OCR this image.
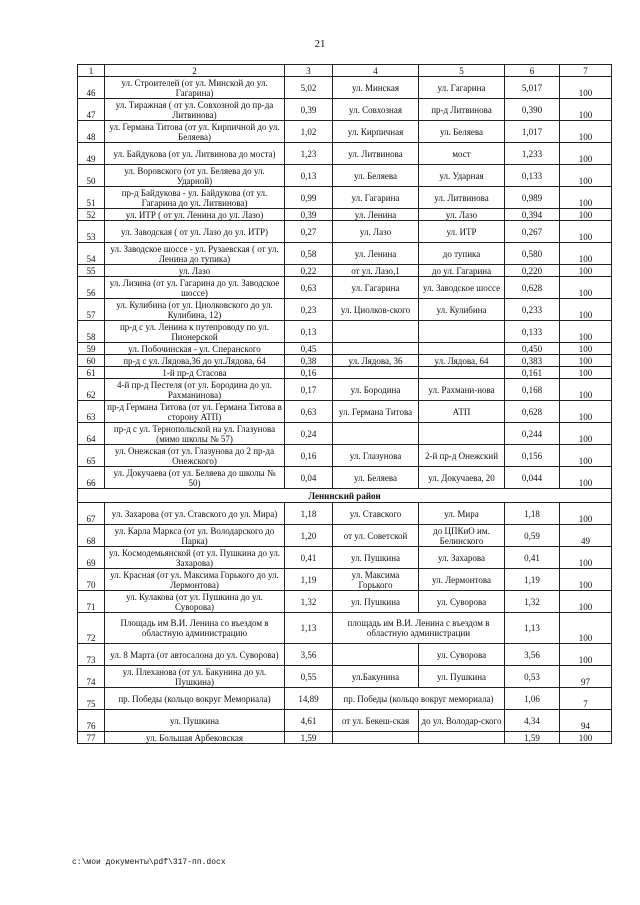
21
1	2	3	4	5	6	7
46	ул. Строителей (от ул. Минской до ул. Гагарина)	5,02	ул. Минская	ул. Гагарина	5,017	100
47	ул. Тиражная ( от ул. Совхозной до пр-да Литвинова)	0,39	ул. Совхозная	пр-д Литвинова	0,390	100
48	ул. Германа Титова (от ул. Кирпичной до ул. Беляева)	1,02	ул. Кирпичная	ул. Беляева	1,017	100
49	ул. Байдукова (от ул. Литвинова до моста)	1,23	ул. Литвинова	мост	1,233	100
50	ул. Воровского (от ул. Беляева до ул. Ударной)	0,13	ул. Беляева	ул. Ударная	0,133	100
51	пр-д Байдукова - ул. Байдукова (от ул. Гагарина до ул. Литвинова)	0,99	ул. Гагарина	ул. Литвинова	0,989	100
52	ул. ИТР ( от ул. Ленина до ул. Лазо)	0,39	ул. Ленина	ул. Лазо	0,394	100
53	ул. Заводская ( от ул. Лазо до ул. ИТР)	0,27	ул. Лазо	ул. ИТР	0,267	100
54	ул. Заводское шоссе - ул. Рузаевская ( от ул. Ленина до тупика)	0,58	ул. Ленина	до тупика	0,580	100
55	ул. Лазо	0,22	от ул. Лазо,1	до ул. Гагарина	0,220	100
56	ул. Лизина (от ул. Гагарина до ул. Заводское шоссе)	0,63	ул. Гагарина	ул. Заводское шоссе	0,628	100
57	ул. Кулибина (от ул. Циолковского до ул. Кулибина, 12)	0,23	ул. Циолков-ского	ул. Кулибина	0,233	100
58	пр-д с ул. Ленина к путепроводу по ул. Пионерской	0,13			0,133	100
59	ул. Побочинская - ул. Сперанского	0,45			0,450	100
60	пр-д с ул. Лядова,36 до ул.Лядова, 64	0,38	ул. Лядова, 36	ул. Лядова, 64	0,383	100
61	1-й пр-д Стасова	0,16			0,161	100
62	4-й пр-д Пестеля (от ул. Бородина до ул. Рахманинова)	0,17	ул. Бородина	ул. Рахмани-нова	0,168	100
63	пр-д Германа Титова (от ул. Германа Титова в сторону АТП)	0,63	ул. Германа Титова	АТП	0,628	100
64	пр-д с ул. Тернопольской на ул. Глазунова (мимо школы № 57)	0,24			0,244	100
65	ул. Онежская (от ул. Глазунова до 2 пр-да Онежского)	0,16	ул. Глазунова	2-й пр-д Онежский	0,156	100
66	ул. Докучаева (от ул. Беляева до школы № 50)	0,04	ул. Беляева	ул. Докучаева, 20	0,044	100
Ленинский район						
67	ул. Захарова (от ул. Ставского до ул. Мира)	1,18	ул. Ставского	ул. Мира	1,18	100
68	ул. Карла Маркса (от ул. Володарского до Парка)	1,20	от ул. Советской	до ЦПКиО им. Белинского	0,59	49
69	ул. Космодемьянской (от ул. Пушкина до ул. Захарова)	0,41	ул. Пушкина	ул. Захарова	0,41	100
70	ул. Красная (от ул. Максима Горького до ул. Лермонтова)	1,19	ул. Максима Горького	ул. Лермонтова	1,19	100
71	ул. Кулакова (от ул. Пушкина до ул. Суворова)	1,32	ул. Пушкина	ул. Суворова	1,32	100
72	Площадь им В.И. Ленина со въездом в областную администрацию	1,13	площадь им В.И. Ленина с въездом в областную администрации		1,13	100
73	ул. 8 Марта (от автосалона до ул. Суворова)	3,56		ул. Суворова	3,56	100
74	ул. Плеханова (от ул. Бакунина до ул. Пушкина)	0,55	ул.Бакунина	ул. Пушкина	0,53	97
75	пр. Победы (кольцо вокруг Мемориала)	14,89	пр. Победы (кольцо вокруг мемориала)		1,06	7
76	ул. Пушкина	4,61	от ул. Бекеш-ская	до ул. Володар-ского	4,34	94
77	ул. Большая Арбековская	1,59			1,59	100
c:\мои документы\pdf\317-пп.docx
